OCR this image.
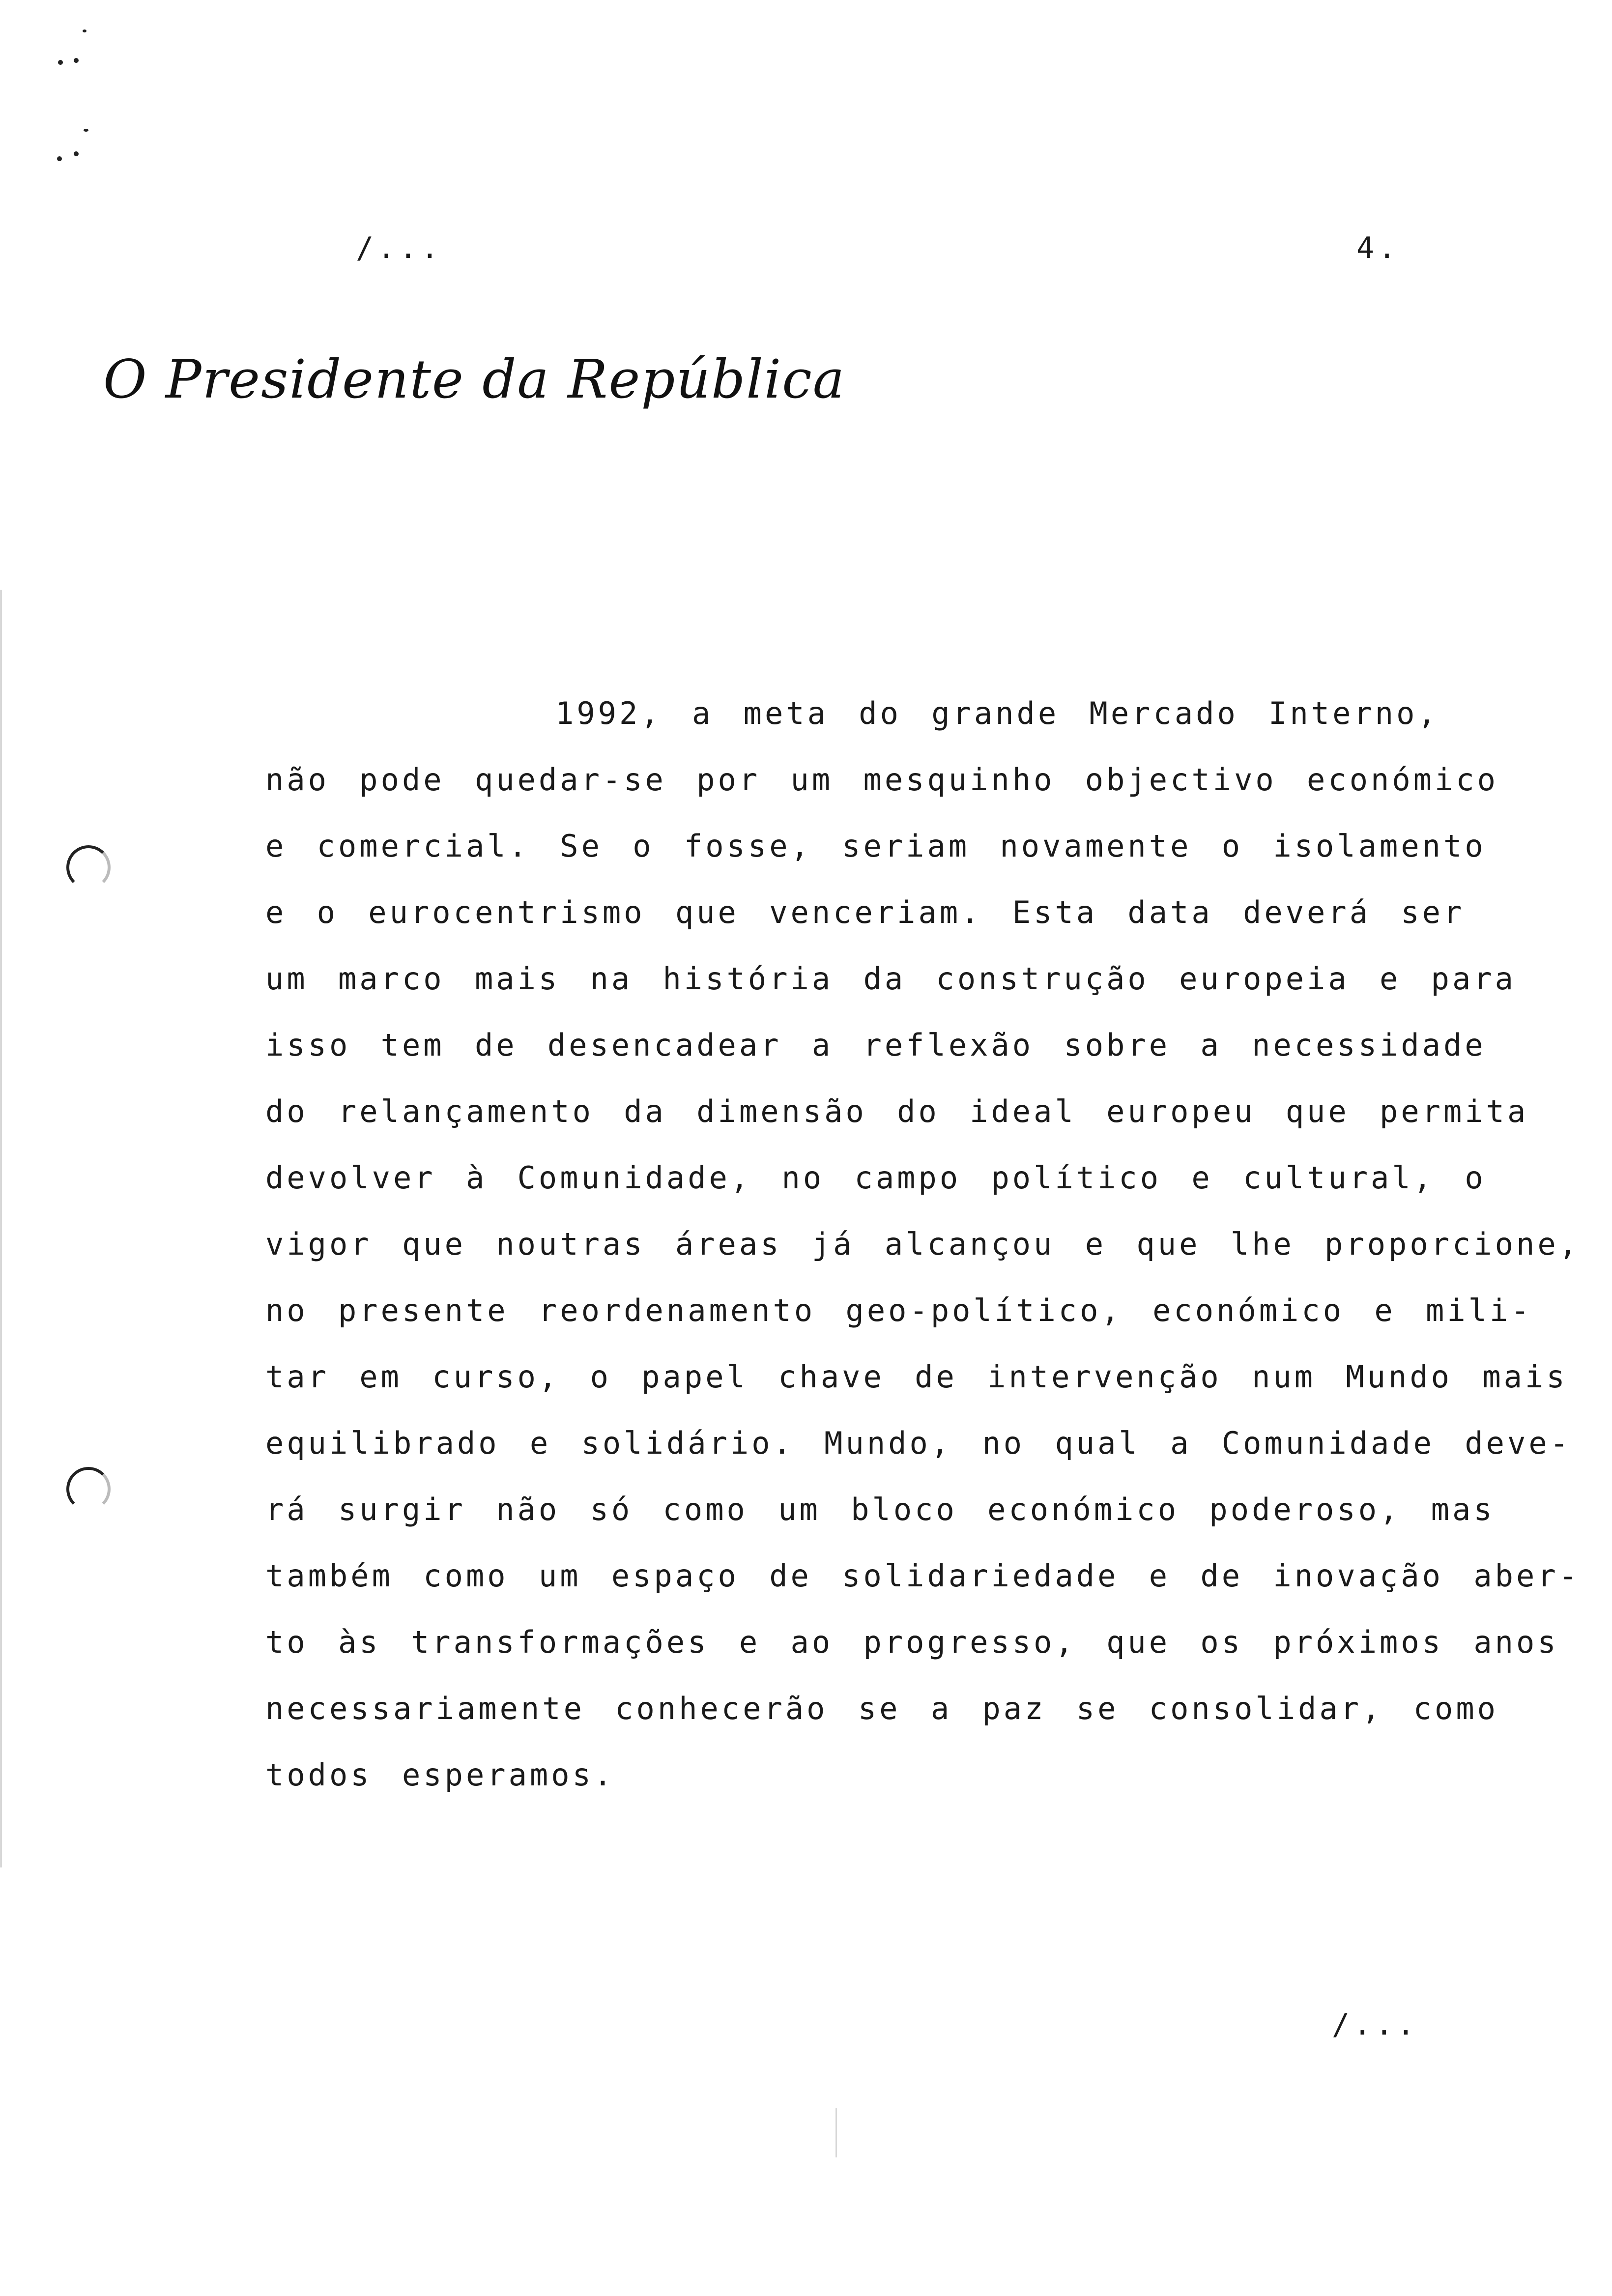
/...	4.
O Presidente da República
1992, a meta do grande Mercado Interno,
não pode quedar-se por um mesquinho objectivo económico
e comercial. Se o fosse, seriam novamente o isolamento
e o eurocentrismo que venceriam. Esta data deverá ser
um marco mais na história da construção europeia e para
isso tem de desencadear a reflexão sobre a necessidade
do relançamento da dimensão do ideal europeu que permita
devolver à Comunidade, no campo político e cultural, o
vigor que noutras áreas já alcançou e que lhe proporcione,
no presente reordenamento geo-político, económico e mili-
tar em curso, o papel chave de intervenção num Mundo mais
equilibrado e solidário. Mundo, no qual a Comunidade deve-
rá surgir não só como um bloco económico poderoso, mas
também como um espaço de solidariedade e de inovação aber-
to às transformações e ao progresso, que os próximos anos
necessariamente conhecerão se a paz se consolidar, como
todos esperamos.
/...
